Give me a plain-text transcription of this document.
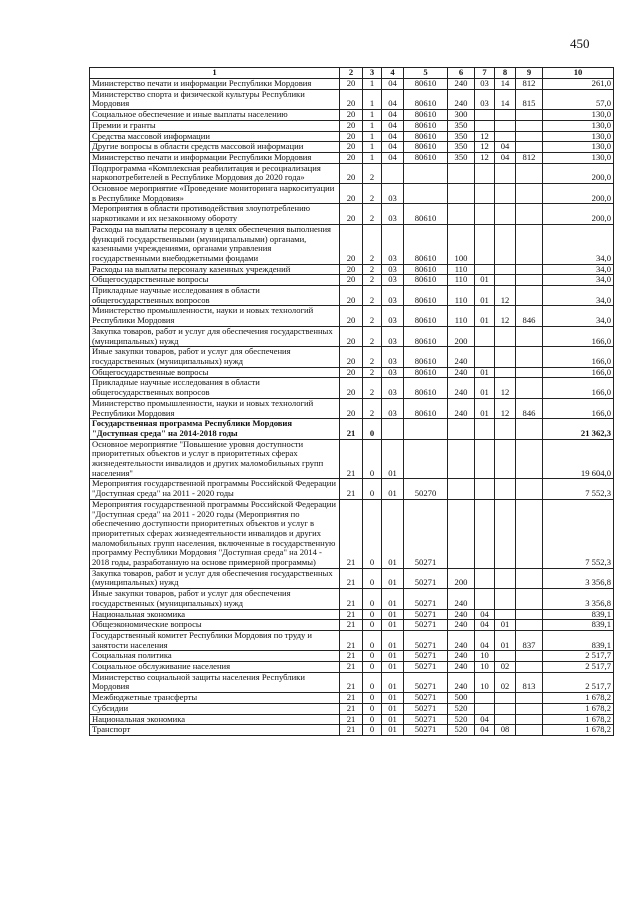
450
1	2	3	4	5	6	7	8	9	10
Министерство печати и информации Республики Мордовия	20	1	04	80610	240	03	14	812	261,0
Министерство спорта и физической культуры Республики Мордовия	20	1	04	80610	240	03	14	815	57,0
Социальное обеспечение и иные выплаты населению	20	1	04	80610	300				130,0
Премии и гранты	20	1	04	80610	350				130,0
Средства массовой информации	20	1	04	80610	350	12			130,0
Другие вопросы в области средств массовой информации	20	1	04	80610	350	12	04		130,0
Министерство печати и информации Республики Мордовия	20	1	04	80610	350	12	04	812	130,0
Подпрограмма «Комплексная реабилитация и ресоциализация наркопотребителей в Республике Мордовия до 2020 года»	20	2							200,0
Основное мероприятие «Проведение мониторинга наркоситуации в Республике Мордовия»	20	2	03						200,0
Мероприятия в области противодействия злоупотреблению наркотиками и их незаконному обороту	20	2	03	80610					200,0
Расходы на выплаты персоналу в целях обеспечения выполнения функций государственными (муниципальными) органами, казенными учреждениями, органами управления государственными внебюджетными фондами	20	2	03	80610	100				34,0
Расходы на выплаты персоналу казенных учреждений	20	2	03	80610	110				34,0
Общегосударственные вопросы	20	2	03	80610	110	01			34,0
Прикладные научные исследования в области общегосударственных вопросов	20	2	03	80610	110	01	12		34,0
Министерство промышленности, науки и новых технологий Республики Мордовия	20	2	03	80610	110	01	12	846	34,0
Закупка товаров, работ и услуг для обеспечения государственных (муниципальных) нужд	20	2	03	80610	200				166,0
Иные закупки товаров, работ и услуг для обеспечения государственных (муниципальных) нужд	20	2	03	80610	240				166,0
Общегосударственные вопросы	20	2	03	80610	240	01			166,0
Прикладные научные исследования в области общегосударственных вопросов	20	2	03	80610	240	01	12		166,0
Министерство промышленности, науки и новых технологий Республики Мордовия	20	2	03	80610	240	01	12	846	166,0
Государственная программа Республики Мордовия "Доступная среда" на 2014-2018 годы	21	0							21 362,3
Основное мероприятие "Повышение уровня доступности приоритетных объектов и услуг в приоритетных сферах жизнедеятельности инвалидов и других маломобильных групп населения"	21	0	01						19 604,0
Мероприятия государственной программы Российской Федерации "Доступная среда" на 2011 - 2020 годы	21	0	01	50270					7 552,3
Мероприятия государственной программы Российской Федерации "Доступная среда" на 2011 - 2020 годы (Мероприятия по обеспечению доступности приоритетных объектов и услуг в приоритетных сферах жизнедеятельности инвалидов и других маломобильных групп населения, включенные в государственную программу Республики Мордовия "Доступная среда" на 2014 - 2018 годы, разработанную на основе примерной программы)	21	0	01	50271					7 552,3
Закупка товаров, работ и услуг для обеспечения государственных (муниципальных) нужд	21	0	01	50271	200				3 356,8
Иные закупки товаров, работ и услуг для обеспечения государственных (муниципальных) нужд	21	0	01	50271	240				3 356,8
Национальная экономика	21	0	01	50271	240	04			839,1
Общеэкономические вопросы	21	0	01	50271	240	04	01		839,1
Государственный комитет Республики Мордовия по труду и занятости населения	21	0	01	50271	240	04	01	837	839,1
Социальная политика	21	0	01	50271	240	10			2 517,7
Социальное обслуживание населения	21	0	01	50271	240	10	02		2 517,7
Министерство социальной защиты населения Республики Мордовия	21	0	01	50271	240	10	02	813	2 517,7
Межбюджетные трансферты	21	0	01	50271	500				1 678,2
Субсидии	21	0	01	50271	520				1 678,2
Национальная экономика	21	0	01	50271	520	04			1 678,2
Транспорт	21	0	01	50271	520	04	08		1 678,2
